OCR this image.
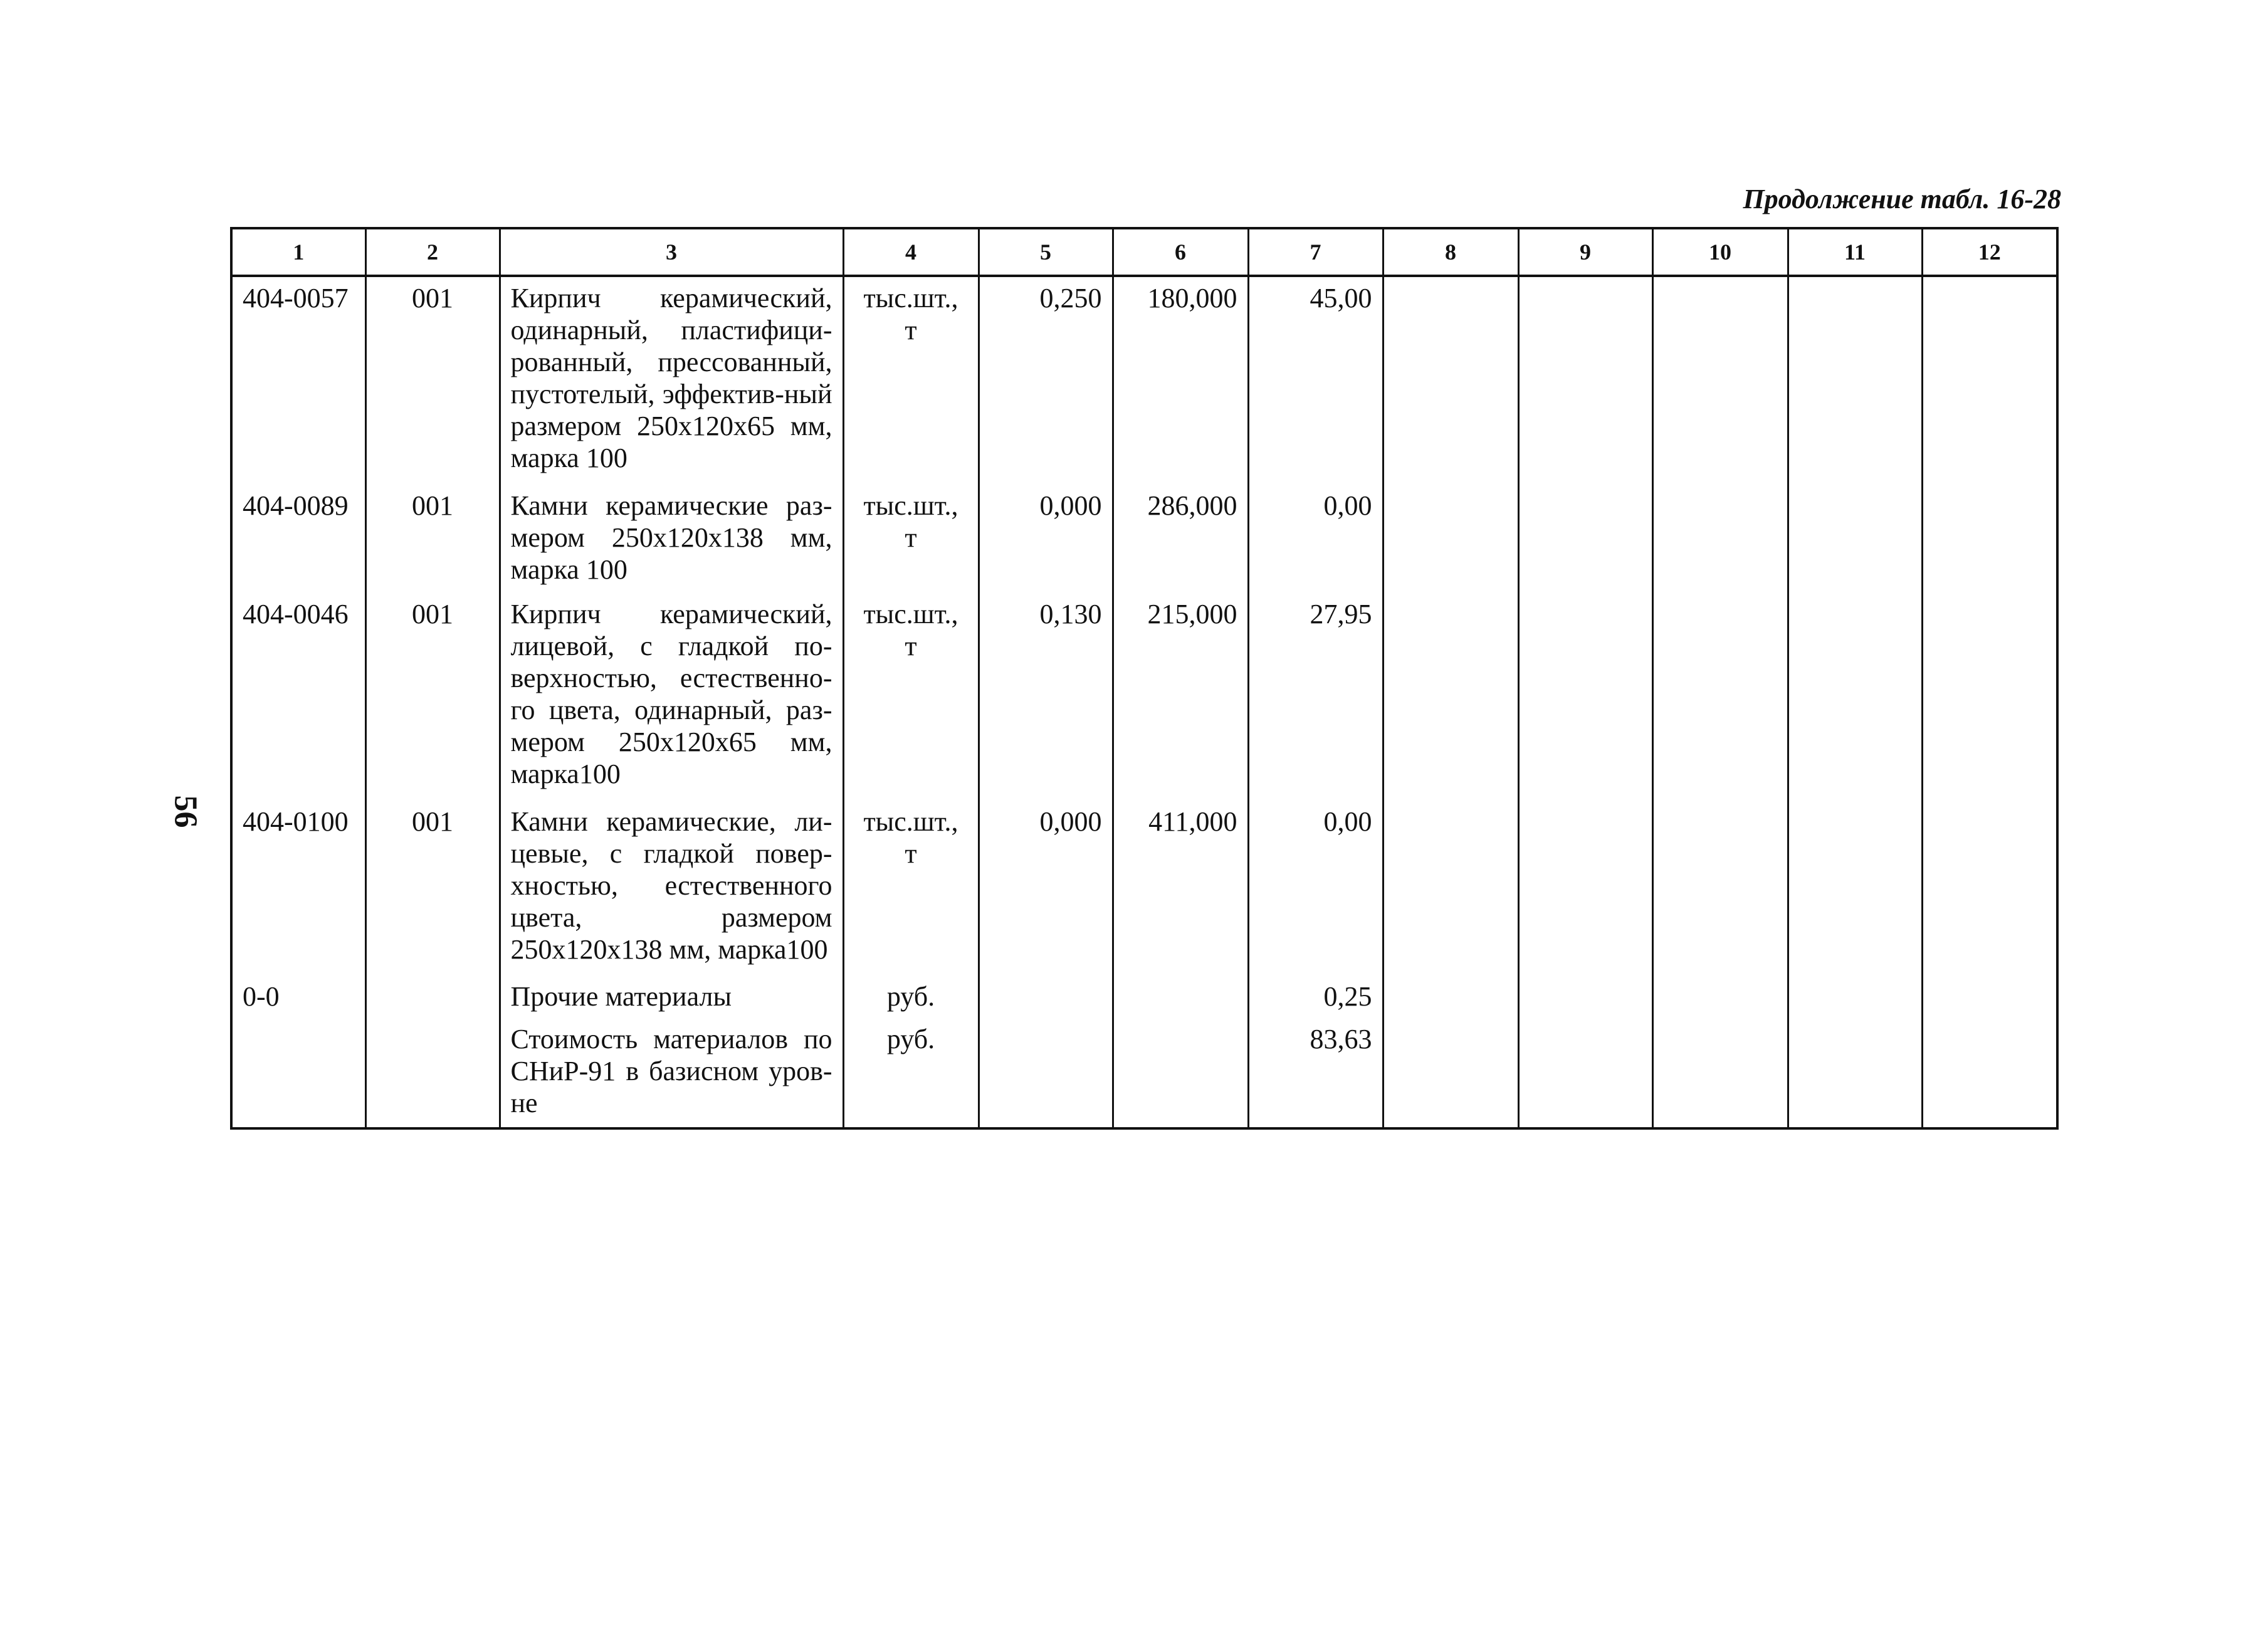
Продолжение табл. 16-28
56
1	2	3	4	5	6	7	8	9	10	11	12
404-0057	001	Кирпич керамический, одинарный, пластифици-рованный, прессованный, пустотелый, эффектив-ный размером 250x120x65 мм, марка 100	тыс.шт., т	0,250	180,000	45,00					
404-0089	001	Камни керамические раз-мером 250x120x138 мм, марка 100	тыс.шт., т	0,000	286,000	0,00					
404-0046	001	Кирпич керамический, лицевой, с гладкой по-верхностью, естественно-го цвета, одинарный, раз-мером 250x120x65 мм, марка100	тыс.шт., т	0,130	215,000	27,95					
404-0100	001	Камни керамические, ли-цевые, с гладкой повер-хностью, естественного цвета, размером 250x120x138 мм, марка100	тыс.шт., т	0,000	411,000	0,00					
0-0		Прочие материалы	руб.			0,25					
		Стоимость материалов по СНиР-91 в базисном уров-не	руб.			83,63					
